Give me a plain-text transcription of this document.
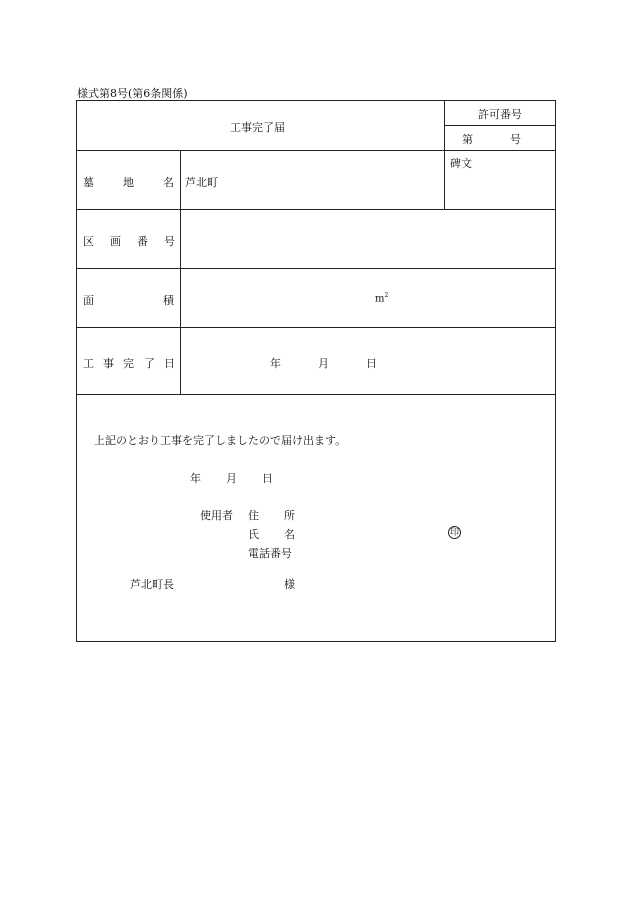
様式第8号(第6条関係)
工事完了届
許可番号
第	号
碑文
墓	地	名 芦北町
区 画 番 号
面	積	$m^2$
工 事 完 了 日	年	月	日
上記のとおり工事を完了しましたので届け出ます。
年 月 日
使用者 住 所
氏 名	印
電話番号
芦北町長	様
